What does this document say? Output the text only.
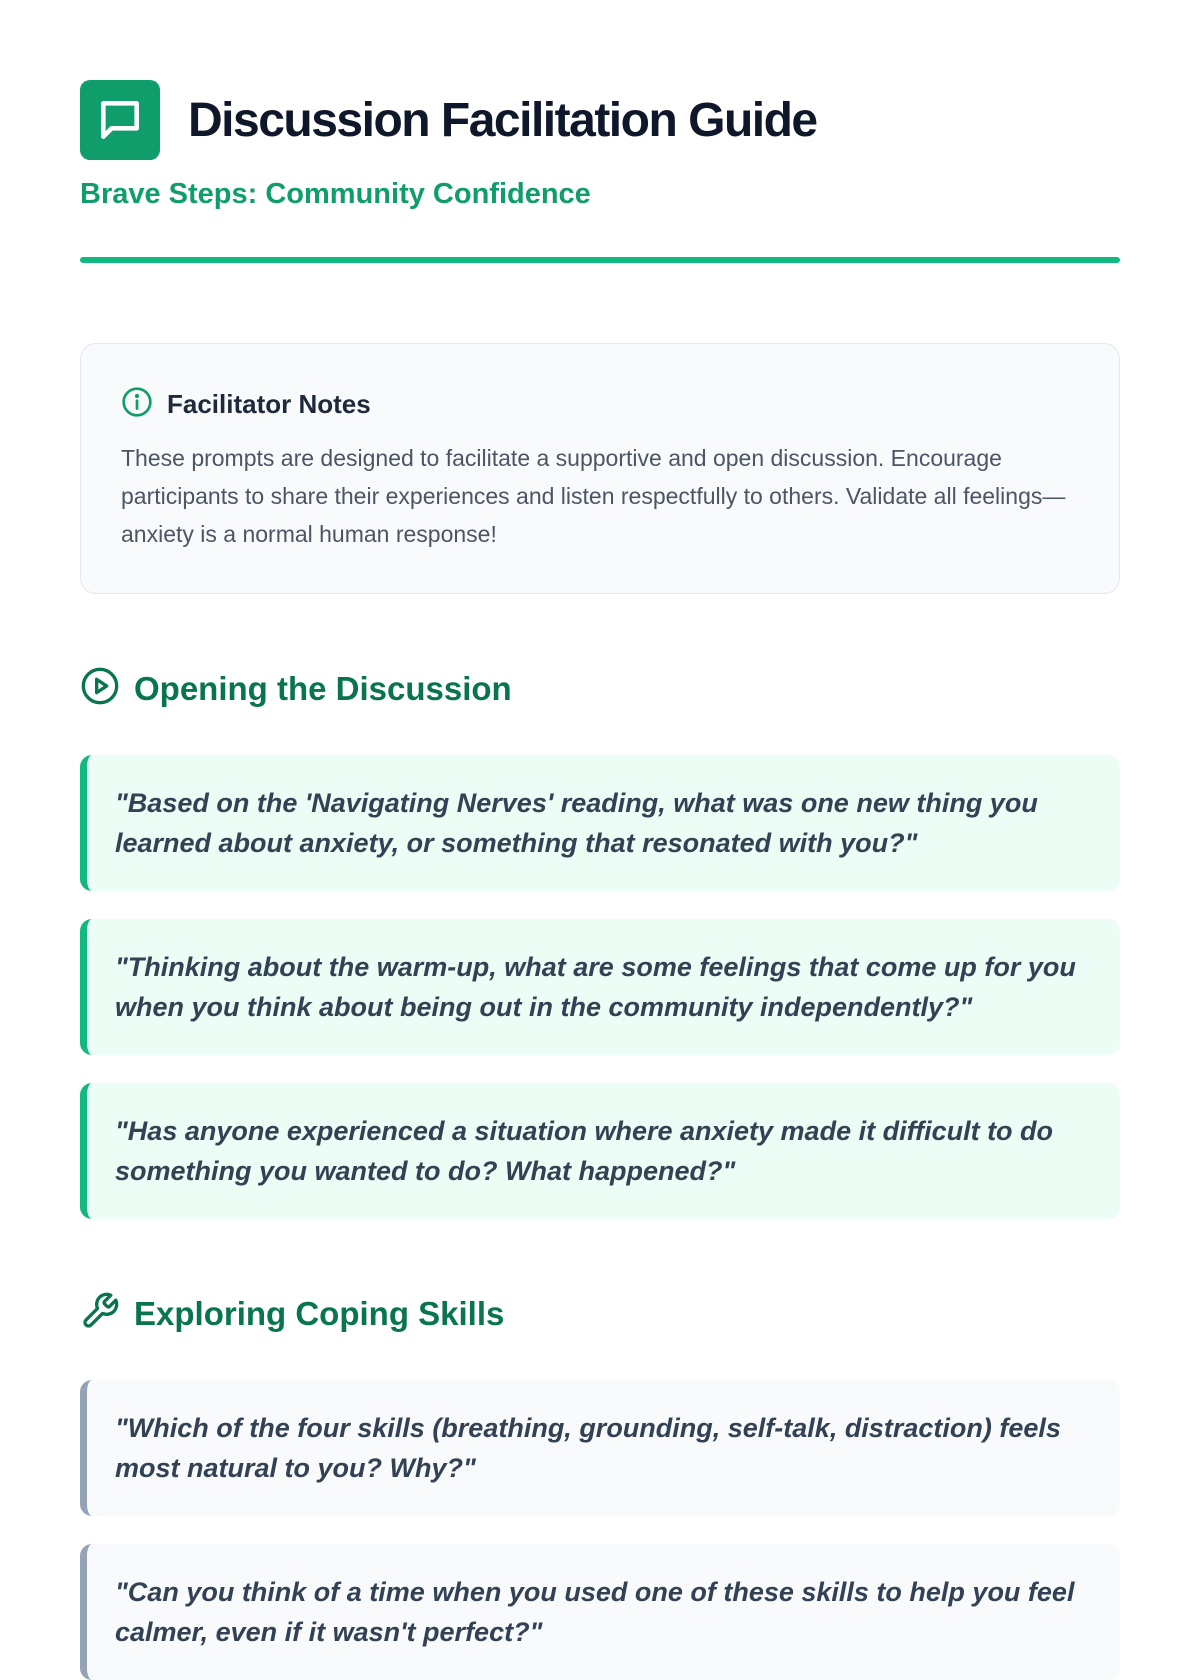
Discussion Facilitation Guide
Brave Steps: Community Confidence
Facilitator Notes

These prompts are designed to facilitate a supportive and open discussion. Encourage participants to share their experiences and listen respectfully to others. Validate all feelings—anxiety is a normal human response!

Opening the Discussion
"Based on the 'Navigating Nerves' reading, what was one new thing you learned about anxiety, or something that resonated with you?"
"Thinking about the warm-up, what are some feelings that come up for you when you think about being out in the community independently?"
"Has anyone experienced a situation where anxiety made it difficult to do something you wanted to do? What happened?"
Exploring Coping Skills
"Which of the four skills (breathing, grounding, self-talk, distraction) feels most natural to you? Why?"
"Can you think of a time when you used one of these skills to help you feel calmer, even if it wasn't perfect?"
